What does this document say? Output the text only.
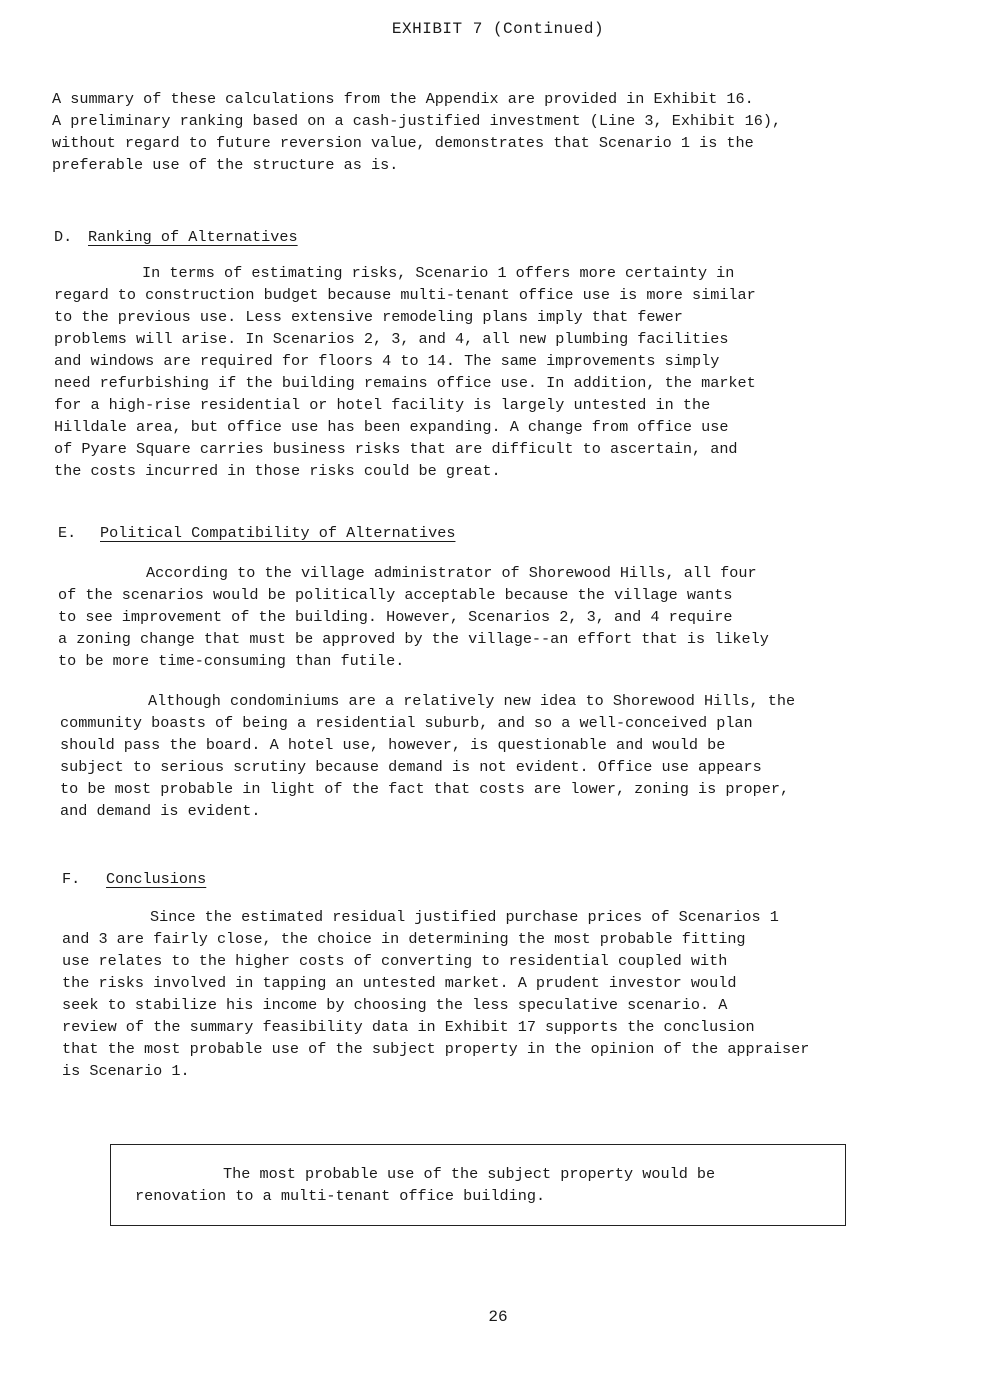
EXHIBIT 7 (Continued)
A summary of these calculations from the Appendix are provided in Exhibit 16.
A preliminary ranking based on a cash-justified investment (Line 3, Exhibit 16),
without regard to future reversion value, demonstrates that Scenario 1 is the
preferable use of the structure as is.
D. Ranking of Alternatives
In terms of estimating risks, Scenario 1 offers more certainty in
regard to construction budget because multi-tenant office use is more similar
to the previous use. Less extensive remodeling plans imply that fewer
problems will arise. In Scenarios 2, 3, and 4, all new plumbing facilities
and windows are required for floors 4 to 14. The same improvements simply
need refurbishing if the building remains office use. In addition, the market
for a high-rise residential or hotel facility is largely untested in the
Hilldale area, but office use has been expanding. A change from office use
of Pyare Square carries business risks that are difficult to ascertain, and
the costs incurred in those risks could be great.
E. Political Compatibility of Alternatives
According to the village administrator of Shorewood Hills, all four
of the scenarios would be politically acceptable because the village wants
to see improvement of the building. However, Scenarios 2, 3, and 4 require
a zoning change that must be approved by the village--an effort that is likely
to be more time-consuming than futile.
Although condominiums are a relatively new idea to Shorewood Hills, the
community boasts of being a residential suburb, and so a well-conceived plan
should pass the board. A hotel use, however, is questionable and would be
subject to serious scrutiny because demand is not evident. Office use appears
to be most probable in light of the fact that costs are lower, zoning is proper,
and demand is evident.
F. Conclusions
Since the estimated residual justified purchase prices of Scenarios 1
and 3 are fairly close, the choice in determining the most probable fitting
use relates to the higher costs of converting to residential coupled with
the risks involved in tapping an untested market. A prudent investor would
seek to stabilize his income by choosing the less speculative scenario. A
review of the summary feasibility data in Exhibit 17 supports the conclusion
that the most probable use of the subject property in the opinion of the appraiser
is Scenario 1.
The most probable use of the subject property would be
renovation to a multi-tenant office building.
26
